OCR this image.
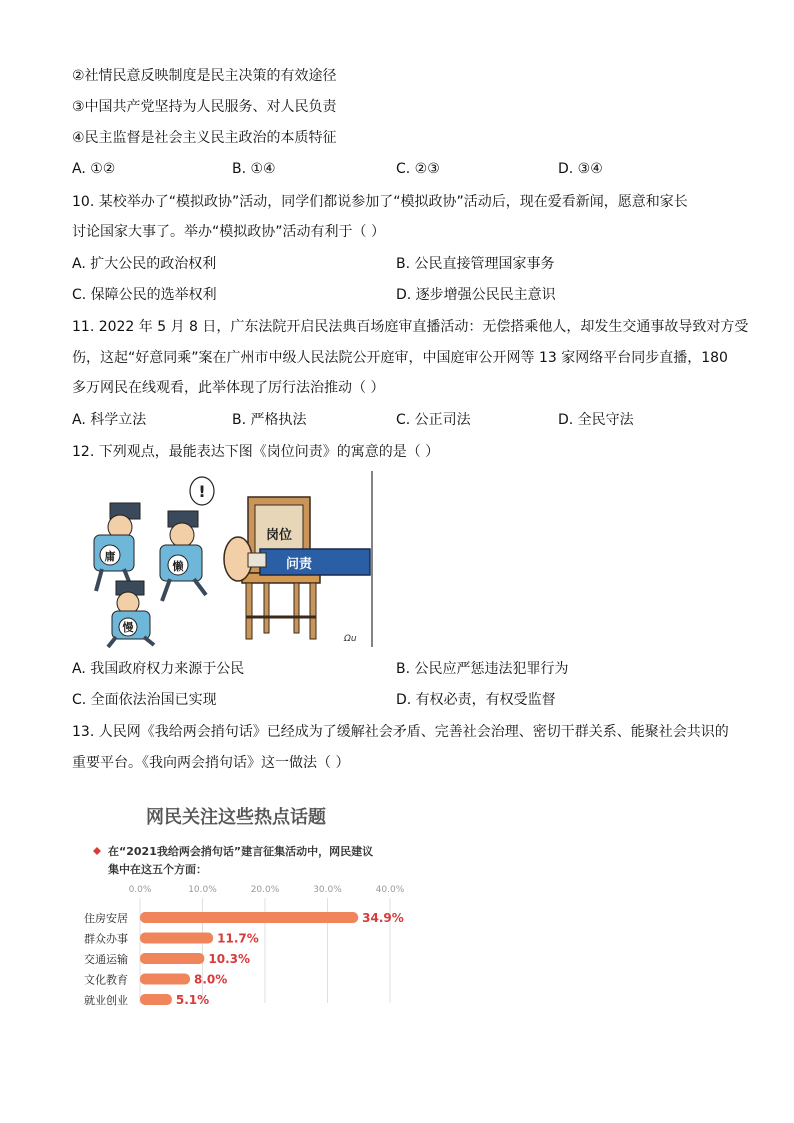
②社情民意反映制度是民主决策的有效途径
③中国共产党坚持为人民服务、对人民负责
④民主监督是社会主义民主政治的本质特征
A. ①②	B. ①④	C. ②③	D. ③④
10. 某校举办了“模拟政协”活动，同学们都说参加了“模拟政协”活动后，现在爱看新闻，愿意和家长
讨论国家大事了。举办“模拟政协”活动有利于（ ）
A. 扩大公民的政治权利	B. 公民直接管理国家事务
C. 保障公民的选举权利	D. 逐步增强公民民主意识
11. 2022 年 5 月 8 日，广东法院开启民法典百场庭审直播活动：无偿搭乘他人，却发生交通事故导致对方受
伤，这起“好意同乘”案在广州市中级人民法院公开庭审，中国庭审公开网等 13 家网络平台同步直播，180
多万网民在线观看，此举体现了厉行法治推动（ ）
A. 科学立法	B. 严格执法	C. 公正司法	D. 全民守法
12. 下列观点，最能表达下图《岗位问责》的寓意的是（ ）
岗位
问责
庸
!
懒
慢
Ωu
A. 我国政府权力来源于公民	B. 公民应严惩违法犯罪行为
C. 全面依法治国已实现	D. 有权必责，有权受监督
13. 人民网《我给两会捎句话》已经成为了缓解社会矛盾、完善社会治理、密切干群关系、能聚社会共识的
重要平台。《我向两会捎句话》这一做法（ ）
网民关注这些热点话题
在“2021我给两会捎句话”建言征集活动中，网民建议
集中在这五个方面：
0.0%	10.0%	20.0%	30.0%	40.0%
住房安居	34.9%
群众办事	11.7%
交通运输	10.3%
文化教育	8.0%
就业创业	5.1%
